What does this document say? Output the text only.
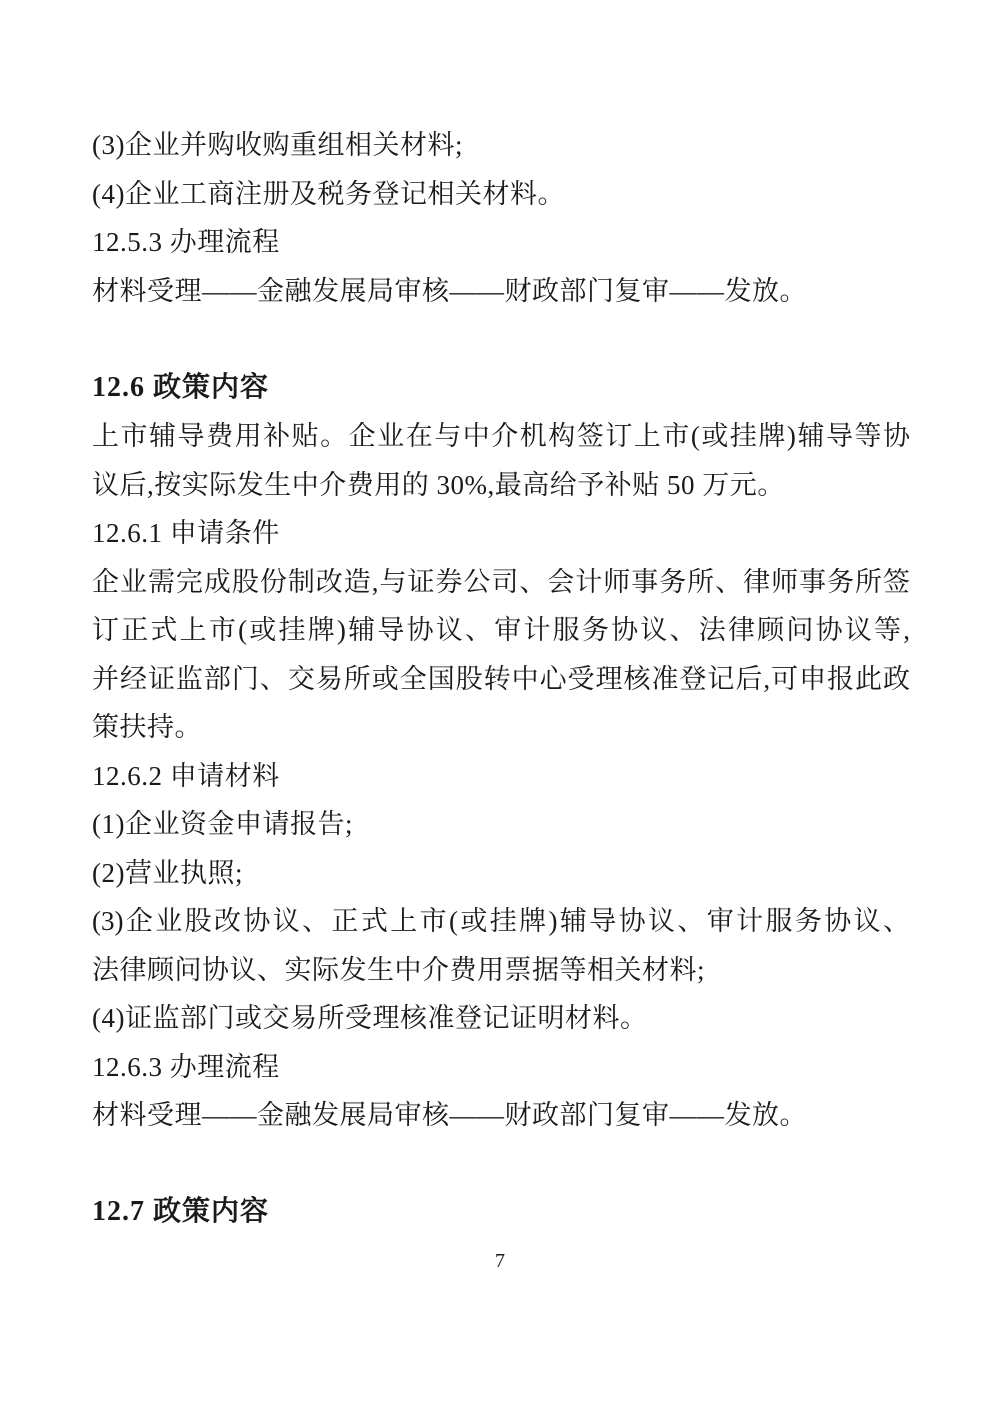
(3)企业并购收购重组相关材料;
(4)企业工商注册及税务登记相关材料。
12.5.3 办理流程
材料受理——金融发展局审核——财政部门复审——发放。
12.6 政策内容
上市辅导费用补贴。企业在与中介机构签订上市(或挂牌)辅导等协
议后,按实际发生中介费用的 30%,最高给予补贴 50 万元。
12.6.1 申请条件
企业需完成股份制改造,与证券公司、会计师事务所、律师事务所签
订正式上市(或挂牌)辅导协议、审计服务协议、法律顾问协议等,
并经证监部门、交易所或全国股转中心受理核准登记后,可申报此政
策扶持。
12.6.2 申请材料
(1)企业资金申请报告;
(2)营业执照;
(3)企业股改协议、正式上市(或挂牌)辅导协议、审计服务协议、
法律顾问协议、实际发生中介费用票据等相关材料;
(4)证监部门或交易所受理核准登记证明材料。
12.6.3 办理流程
材料受理——金融发展局审核——财政部门复审——发放。
12.7 政策内容
7
